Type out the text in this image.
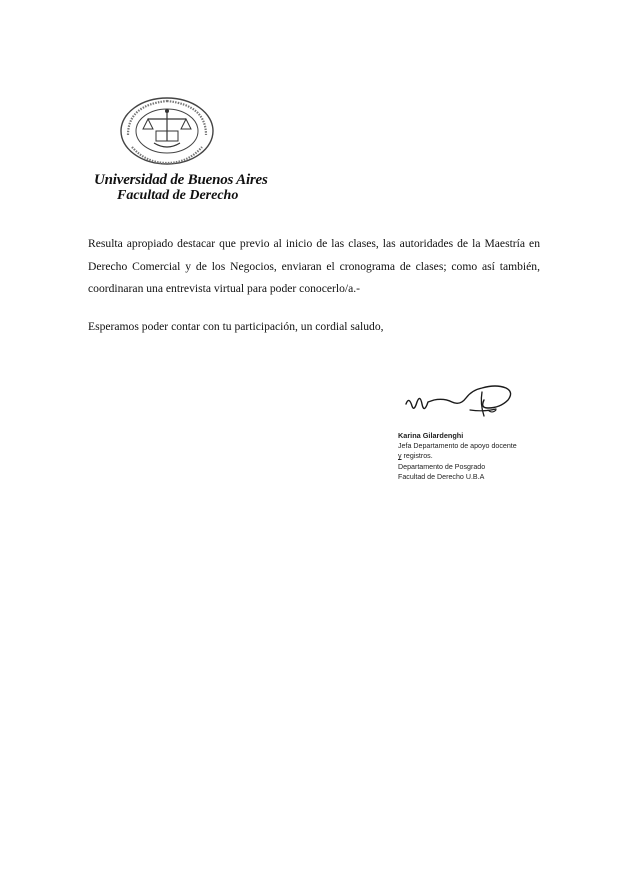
Universidad de Buenos Aires
Facultad de Derecho
Resulta apropiado destacar que previo al inicio de las clases, las autoridades de la Maestría en
Derecho Comercial y de los Negocios, enviaran el cronograma de clases; como así también,
coordinaran una entrevista virtual para poder conocerlo/a.-
Esperamos poder contar con tu participación, un cordial saludo,
Karina Gilardenghi
Jefa Departamento de apoyo docente
y registros.
Departamento de Posgrado
Facultad de Derecho U.B.A
